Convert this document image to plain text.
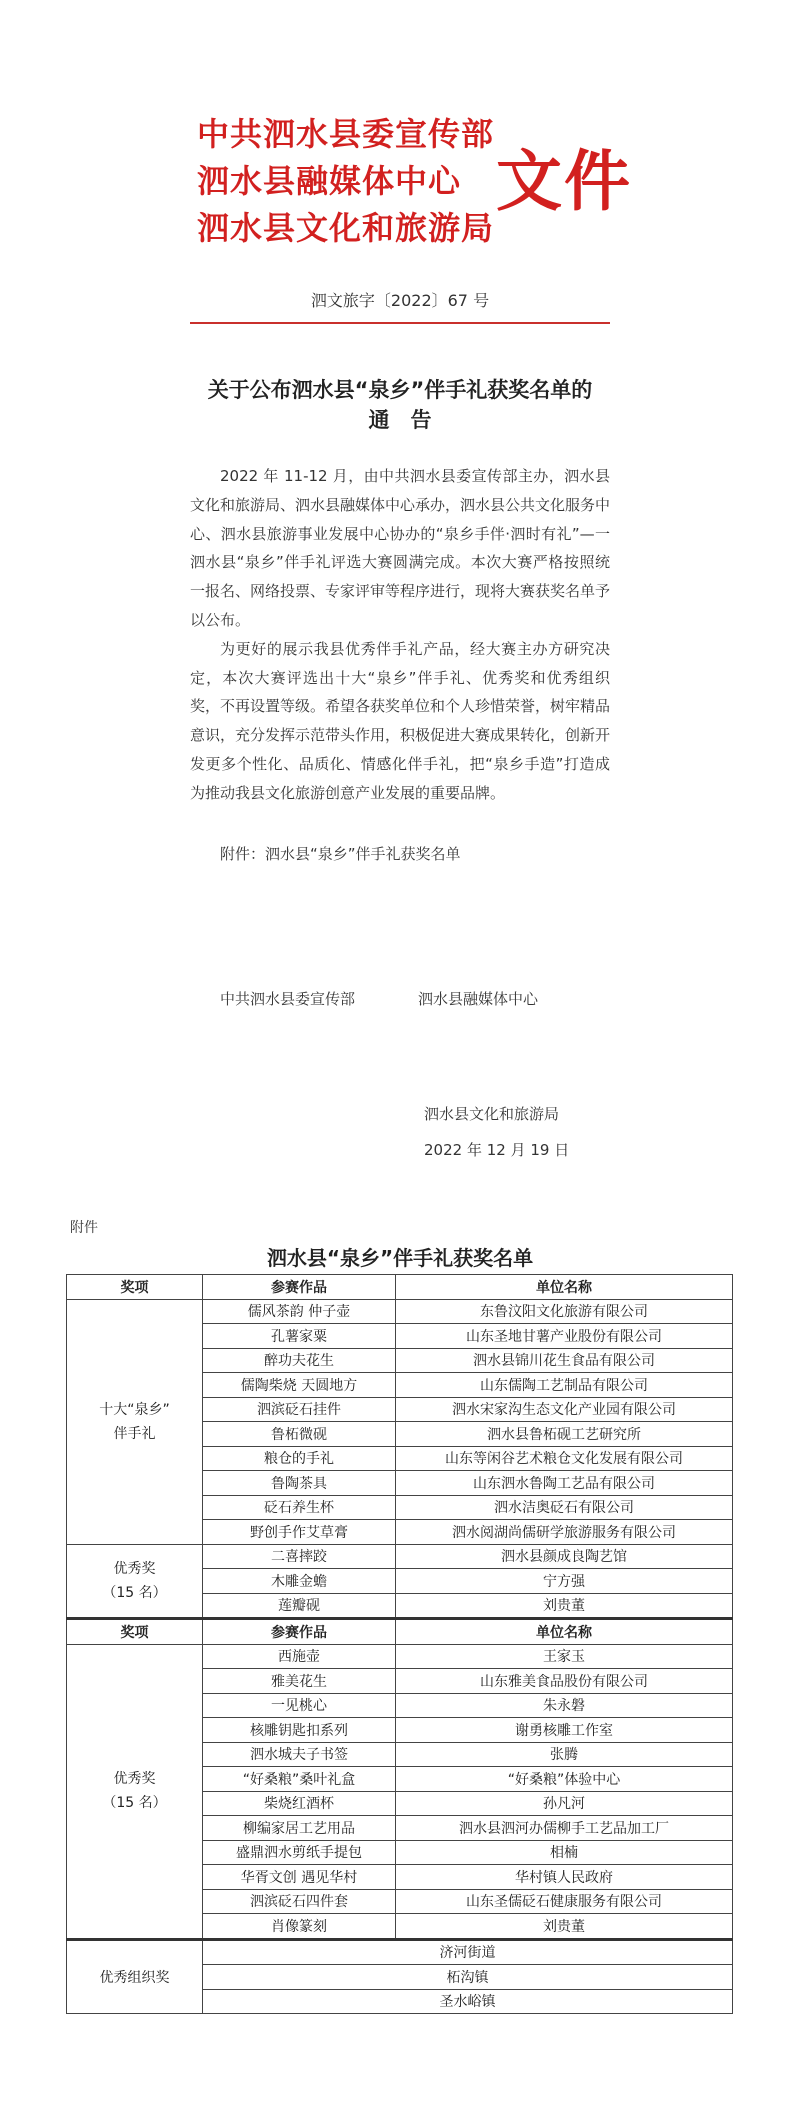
中共泗水县委宣传部
泗水县融媒体中心
泗水县文化和旅游局
文件
泗文旅字〔2022〕67 号
关于公布泗水县“泉乡”伴手礼获奖名单的
通　告

2022 年 11-12 月，由中共泗水县委宣传部主办，泗水县文化和旅游局、泗水县融媒体中心承办，泗水县公共文化服务中心、泗水县旅游事业发展中心协办的“泉乡手伴·泗时有礼”—一泗水县“泉乡”伴手礼评选大赛圆满完成。本次大赛严格按照统一报名、网络投票、专家评审等程序进行，现将大赛获奖名单予以公布。

为更好的展示我县优秀伴手礼产品，经大赛主办方研究决定，本次大赛评选出十大“泉乡”伴手礼、优秀奖和优秀组织奖，不再设置等级。希望各获奖单位和个人珍惜荣誉，树牢精品意识，充分发挥示范带头作用，积极促进大赛成果转化，创新开发更多个性化、品质化、情感化伴手礼，把“泉乡手造”打造成为推动我县文化旅游创意产业发展的重要品牌。

附件：泗水县“泉乡”伴手礼获奖名单
中共泗水县委宣传部	泗水县融媒体中心
泗水县文化和旅游局
2022 年 12 月 19 日
附件
泗水县“泉乡”伴手礼获奖名单
奖项	参赛作品	单位名称

十大“泉乡”
伴手礼	儒风茶韵 仲子壶	东鲁汶阳文化旅游有限公司
	孔薯家粟	山东圣地甘薯产业股份有限公司
	醉功夫花生	泗水县锦川花生食品有限公司
	儒陶柴烧 天圆地方	山东儒陶工艺制品有限公司
	泗滨砭石挂件	泗水宋家沟生态文化产业园有限公司
	鲁柘微砚	泗水县鲁柘砚工艺研究所
	粮仓的手礼	山东等闲谷艺术粮仓文化发展有限公司
	鲁陶茶具	山东泗水鲁陶工艺品有限公司
	砭石养生杯	泗水洁奥砭石有限公司
	野创手作艾草膏	泗水阅湖尚儒研学旅游服务有限公司

优秀奖
（15 名）	二喜摔跤	泗水县颜成良陶艺馆
	木雕金蟾	宁方强
	莲瓣砚	刘贵董
奖项	参赛作品	单位名称

优秀奖
（15 名）	西施壶	王家玉
	雅美花生	山东雅美食品股份有限公司
	一见桃心	朱永磐
	核雕钥匙扣系列	谢勇核雕工作室
	泗水城夫子书签	张腾
	“好桑粮”桑叶礼盒	“好桑粮”体验中心
	柴烧红酒杯	孙凡河
	柳编家居工艺用品	泗水县泗河办儒柳手工艺品加工厂
	盛鼎泗水剪纸手提包	相楠
	华胥文创 遇见华村	华村镇人民政府
	泗滨砭石四件套	山东圣儒砭石健康服务有限公司
	肖像篆刻	刘贵董
优秀组织奖	济河街道	
	柘沟镇	
	圣水峪镇	
